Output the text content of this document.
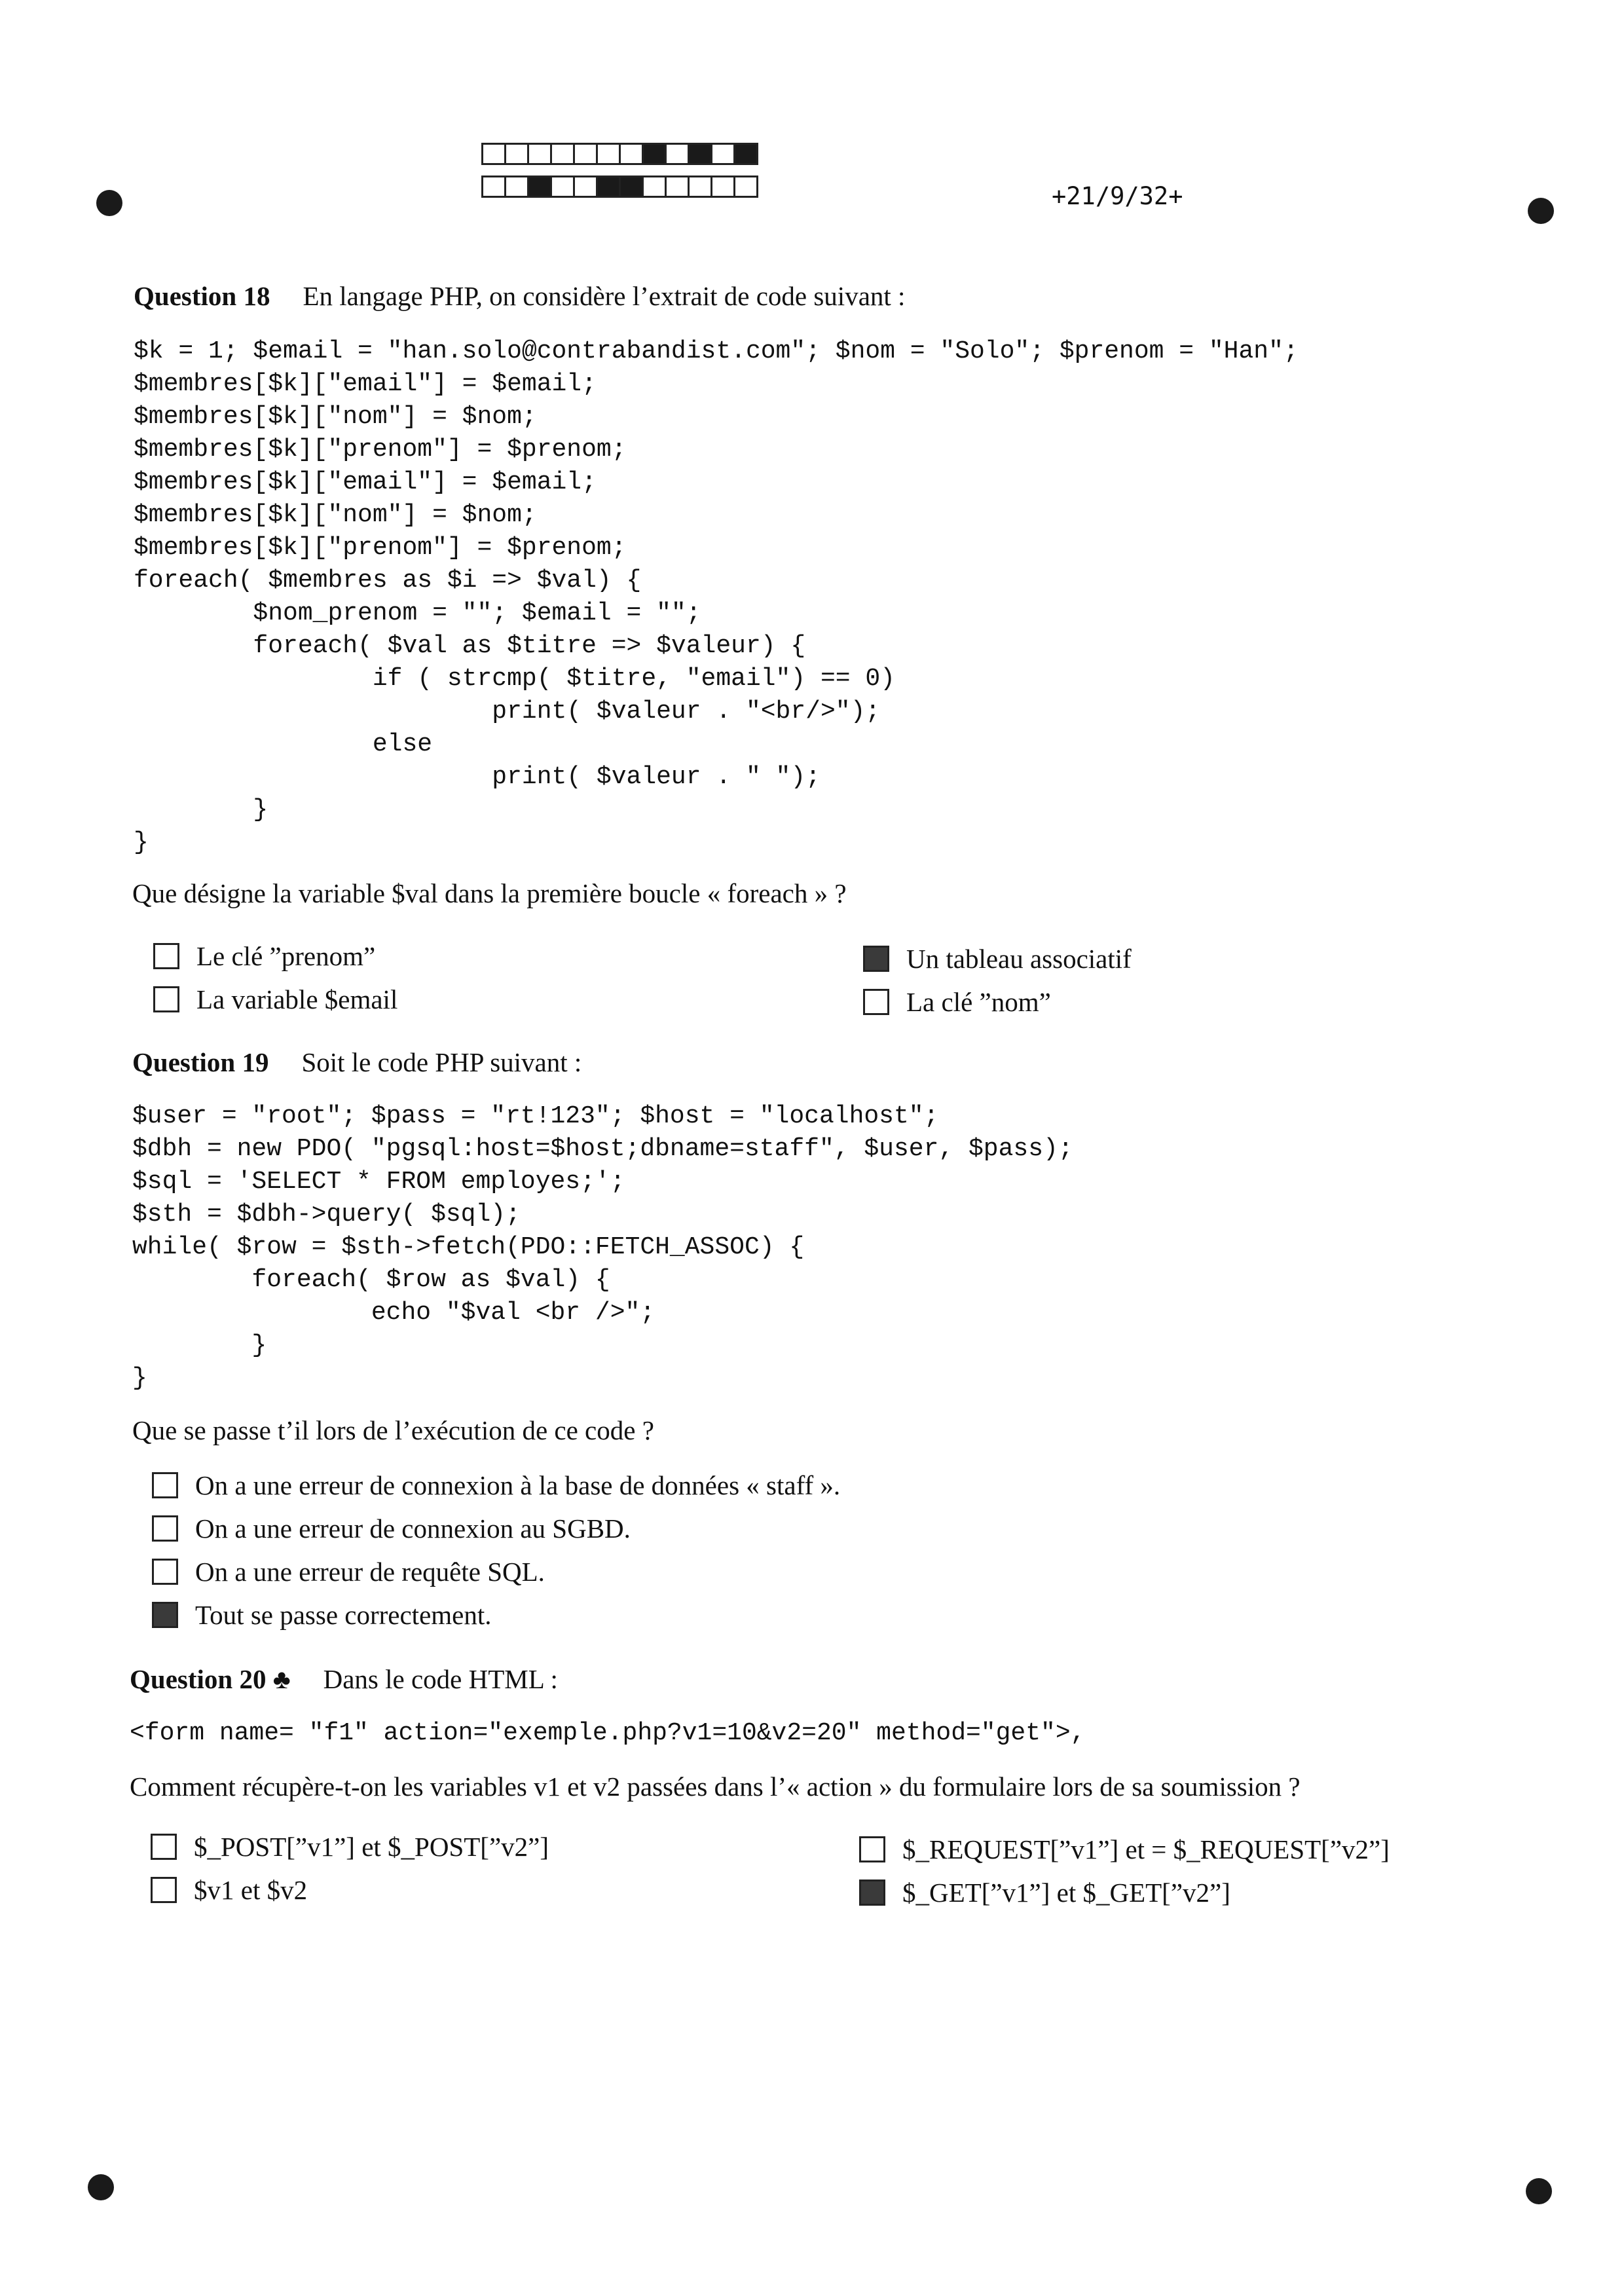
+21/9/32+
Question 18 En langage PHP, on considère l’extrait de code suivant :
$k = 1; $email = "han.solo@contrabandist.com"; $nom = "Solo"; $prenom = "Han";
$membres[$k]["email"] = $email;
$membres[$k]["nom"] = $nom;
$membres[$k]["prenom"] = $prenom;
$membres[$k]["email"] = $email;
$membres[$k]["nom"] = $nom;
$membres[$k]["prenom"] = $prenom;
foreach( $membres as $i => $val) {
$nom_prenom = ""; $email = "";
foreach( $val as $titre => $valeur) {
if ( strcmp( $titre, "email") == 0)
print( $valeur . "<br/>");
else
print( $valeur . " ");
}
}
Que désigne la variable $val dans la première boucle « foreach » ?
Le clé ”prenom”	Un tableau associatif
La variable $email	La clé ”nom”
Question 19 Soit le code PHP suivant :
$user = "root"; $pass = "rt!123"; $host = "localhost";
$dbh = new PDO( "pgsql:host=$host;dbname=staff", $user, $pass);
$sql = 'SELECT * FROM employes;';
$sth = $dbh->query( $sql);
while( $row = $sth->fetch(PDO::FETCH_ASSOC) {
foreach( $row as $val) {
echo "$val <br />";
}
}
Que se passe t’il lors de l’exécution de ce code ?
On a une erreur de connexion à la base de données « staff ».
On a une erreur de connexion au SGBD.
On a une erreur de requête SQL.
Tout se passe correctement.
Question 20 ♣ Dans le code HTML :
<form name= "f1" action="exemple.php?v1=10&v2=20" method="get">,
Comment récupère-t-on les variables v1 et v2 passées dans l’« action » du formulaire lors de sa soumission ?
$_POST[”v1”] et $_POST[”v2”]	$_REQUEST[”v1”] et = $_REQUEST[”v2”]
$v1 et $v2	$_GET[”v1”] et $_GET[”v2”]
